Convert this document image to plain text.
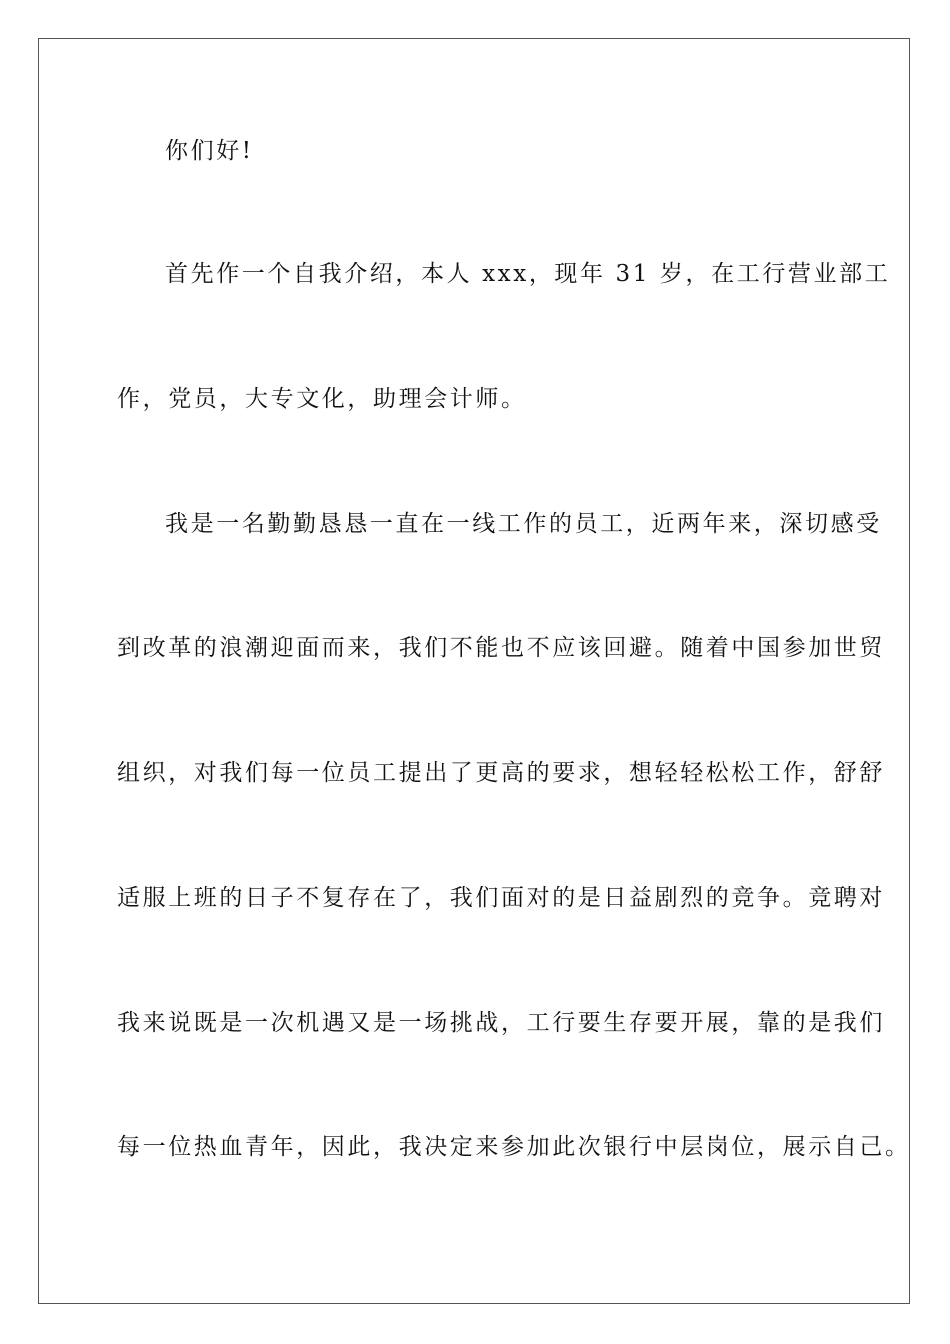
你们好!

首先作一个自我介绍，本人 xxx，现年 31 岁，在工行营业部工

作，党员，大专文化，助理会计师。

我是一名勤勤恳恳一直在一线工作的员工，近两年来，深切感受

到改革的浪潮迎面而来，我们不能也不应该回避。随着中国参加世贸

组织，对我们每一位员工提出了更高的要求，想轻轻松松工作，舒舒

适服上班的日子不复存在了，我们面对的是日益剧烈的竞争。竞聘对

我来说既是一次机遇又是一场挑战，工行要生存要开展，靠的是我们

每一位热血青年，因此，我决定来参加此次银行中层岗位，展示自己。
